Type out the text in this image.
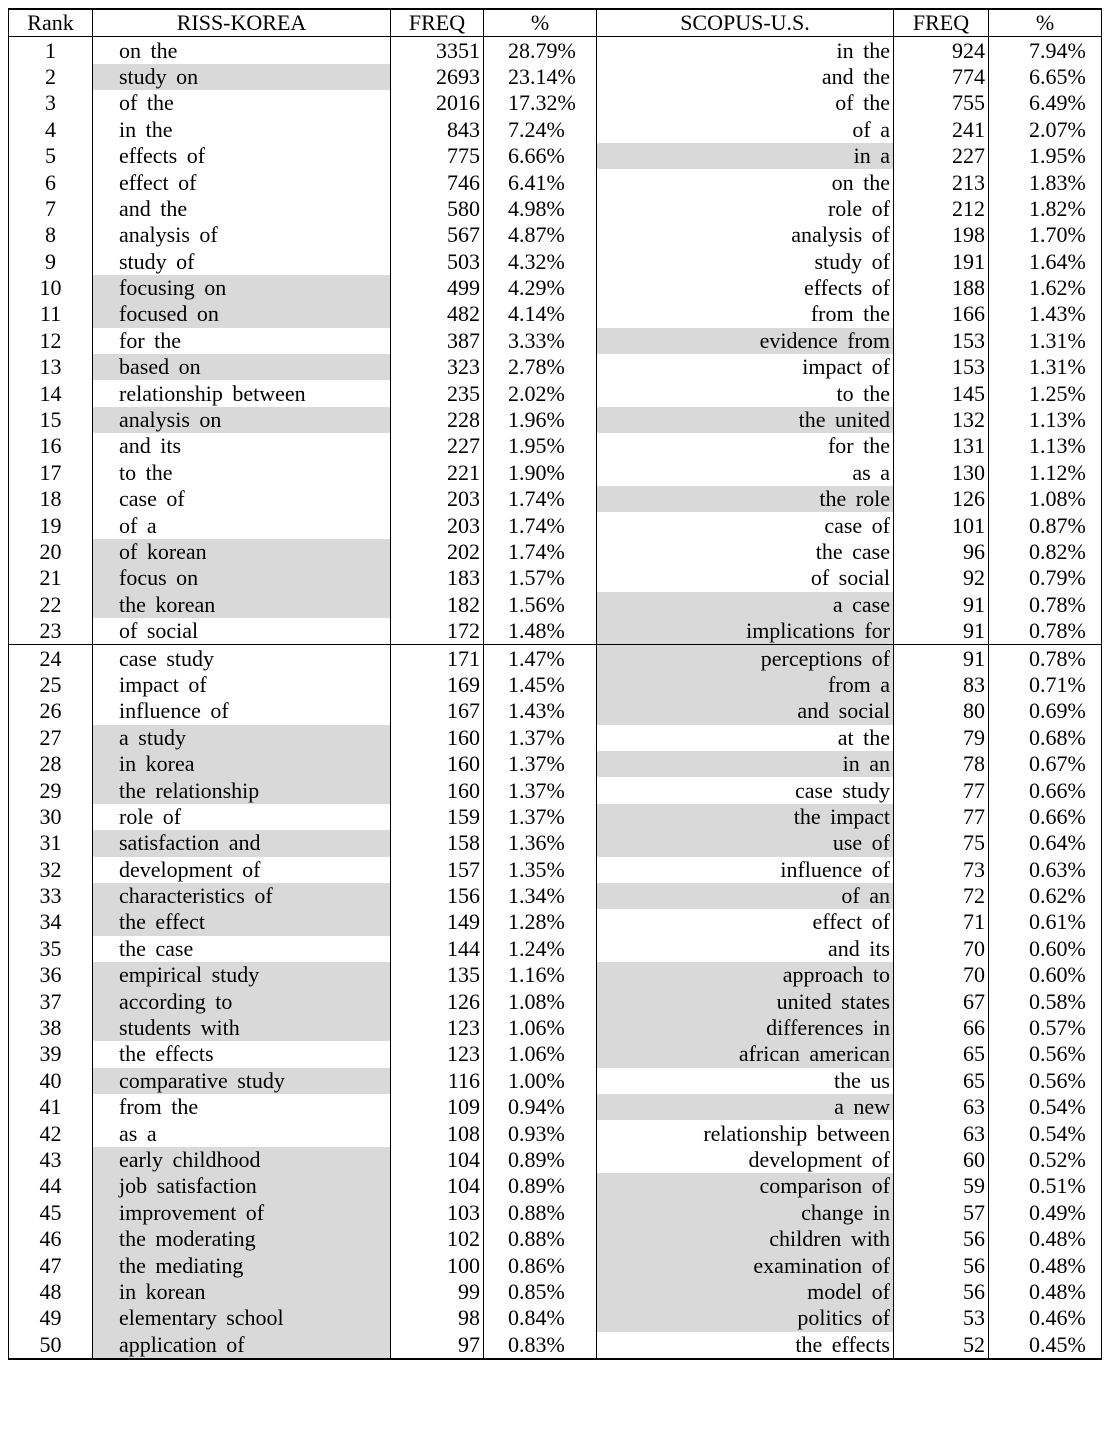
Rank	RISS-KOREA	FREQ	%	SCOPUS-U.S.	FREQ	%
1	on the	3351	28.79%	in the	924	7.94%
2	study on	2693	23.14%	and the	774	6.65%
3	of the	2016	17.32%	of the	755	6.49%
4	in the	843	7.24%	of a	241	2.07%
5	effects of	775	6.66%	in a	227	1.95%
6	effect of	746	6.41%	on the	213	1.83%
7	and the	580	4.98%	role of	212	1.82%
8	analysis of	567	4.87%	analysis of	198	1.70%
9	study of	503	4.32%	study of	191	1.64%
10	focusing on	499	4.29%	effects of	188	1.62%
11	focused on	482	4.14%	from the	166	1.43%
12	for the	387	3.33%	evidence from	153	1.31%
13	based on	323	2.78%	impact of	153	1.31%
14	relationship between	235	2.02%	to the	145	1.25%
15	analysis on	228	1.96%	the united	132	1.13%
16	and its	227	1.95%	for the	131	1.13%
17	to the	221	1.90%	as a	130	1.12%
18	case of	203	1.74%	the role	126	1.08%
19	of a	203	1.74%	case of	101	0.87%
20	of korean	202	1.74%	the case	96	0.82%
21	focus on	183	1.57%	of social	92	0.79%
22	the korean	182	1.56%	a case	91	0.78%
23	of social	172	1.48%	implications for	91	0.78%
24	case study	171	1.47%	perceptions of	91	0.78%
25	impact of	169	1.45%	from a	83	0.71%
26	influence of	167	1.43%	and social	80	0.69%
27	a study	160	1.37%	at the	79	0.68%
28	in korea	160	1.37%	in an	78	0.67%
29	the relationship	160	1.37%	case study	77	0.66%
30	role of	159	1.37%	the impact	77	0.66%
31	satisfaction and	158	1.36%	use of	75	0.64%
32	development of	157	1.35%	influence of	73	0.63%
33	characteristics of	156	1.34%	of an	72	0.62%
34	the effect	149	1.28%	effect of	71	0.61%
35	the case	144	1.24%	and its	70	0.60%
36	empirical study	135	1.16%	approach to	70	0.60%
37	according to	126	1.08%	united states	67	0.58%
38	students with	123	1.06%	differences in	66	0.57%
39	the effects	123	1.06%	african american	65	0.56%
40	comparative study	116	1.00%	the us	65	0.56%
41	from the	109	0.94%	a new	63	0.54%
42	as a	108	0.93%	relationship between	63	0.54%
43	early childhood	104	0.89%	development of	60	0.52%
44	job satisfaction	104	0.89%	comparison of	59	0.51%
45	improvement of	103	0.88%	change in	57	0.49%
46	the moderating	102	0.88%	children with	56	0.48%
47	the mediating	100	0.86%	examination of	56	0.48%
48	in korean	99	0.85%	model of	56	0.48%
49	elementary school	98	0.84%	politics of	53	0.46%
50	application of	97	0.83%	the effects	52	0.45%
